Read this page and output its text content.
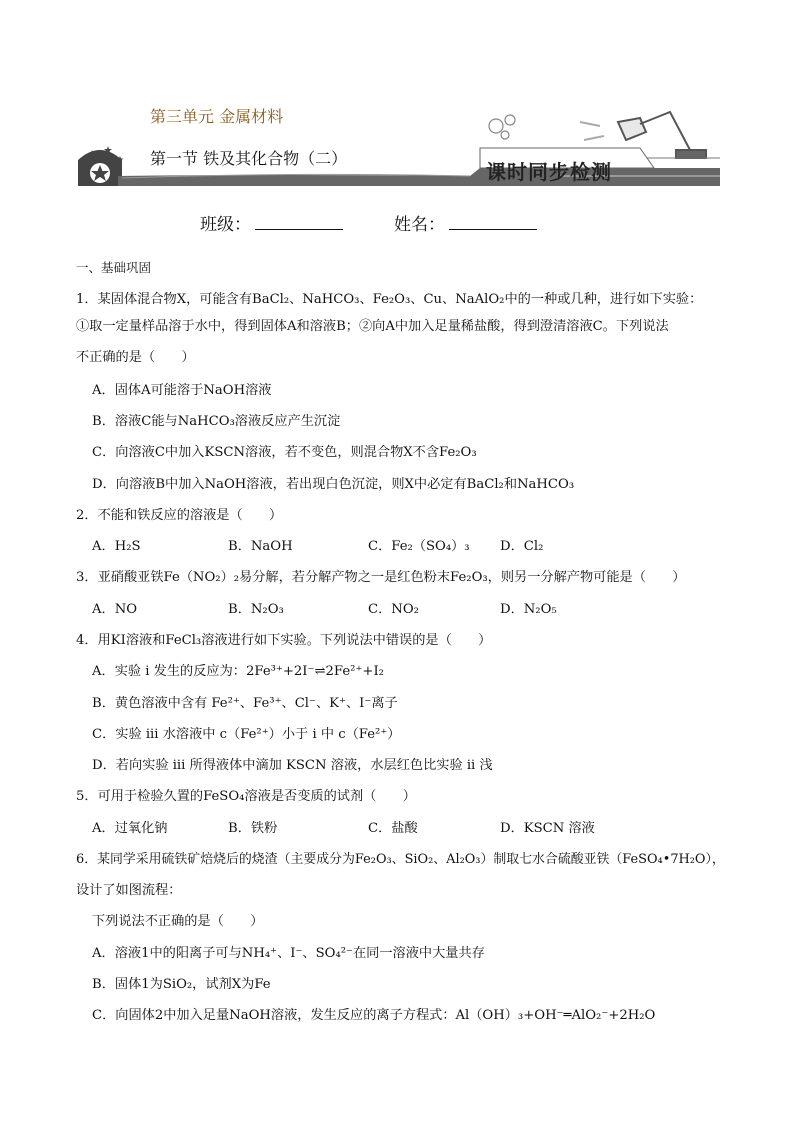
第三单元 金属材料
第一节 铁及其化合物（二）
课时同步检测
班级：	姓名：
一、基础巩固
1．某固体混合物X，可能含有BaCl₂、NaHCO₃、Fe₂O₃、Cu、NaAlO₂中的一种或几种，进行如下实验：
①取一定量样品溶于水中，得到固体A和溶液B；②向A中加入足量稀盐酸，得到澄清溶液C。下列说法
不正确的是（　　）
A．固体A可能溶于NaOH溶液
B．溶液C能与NaHCO₃溶液反应产生沉淀
C．向溶液C中加入KSCN溶液，若不变色，则混合物X不含Fe₂O₃
D．向溶液B中加入NaOH溶液，若出现白色沉淀，则X中必定有BaCl₂和NaHCO₃
2．不能和铁反应的溶液是（　　）
A．H₂S	B．NaOH	C．Fe₂（SO₄）₃ D．Cl₂
3．亚硝酸亚铁Fe（NO₂）₂易分解，若分解产物之一是红色粉末Fe₂O₃，则另一分解产物可能是（　　）
A．NO	B．N₂O₃	C．NO₂	D．N₂O₅
4．用KI溶液和FeCl₃溶液进行如下实验。下列说法中错误的是（　　）
A．实验 i 发生的反应为：2Fe³⁺+2I⁻⇌2Fe²⁺+I₂
B．黄色溶液中含有 Fe²⁺、Fe³⁺、Cl⁻、K⁺、I⁻离子
C．实验 iii 水溶液中 c（Fe²⁺）小于 i 中 c（Fe²⁺）
D．若向实验 iii 所得液体中滴加 KSCN 溶液，水层红色比实验 ii 浅
5．可用于检验久置的FeSO₄溶液是否变质的试剂（　　）
A．过氧化钠	B．铁粉	C．盐酸	D．KSCN 溶液
6．某同学采用硫铁矿焙烧后的烧渣（主要成分为Fe₂O₃、SiO₂、Al₂O₃）制取七水合硫酸亚铁（FeSO₄•7H₂O），
设计了如图流程：
下列说法不正确的是（　　）
A．溶液1中的阳离子可与NH₄⁺、I⁻、SO₄²⁻在同一溶液中大量共存
B．固体1为SiO₂，试剂X为Fe
C．向固体2中加入足量NaOH溶液，发生反应的离子方程式：Al（OH）₃+OH⁻═AlO₂⁻+2H₂O
